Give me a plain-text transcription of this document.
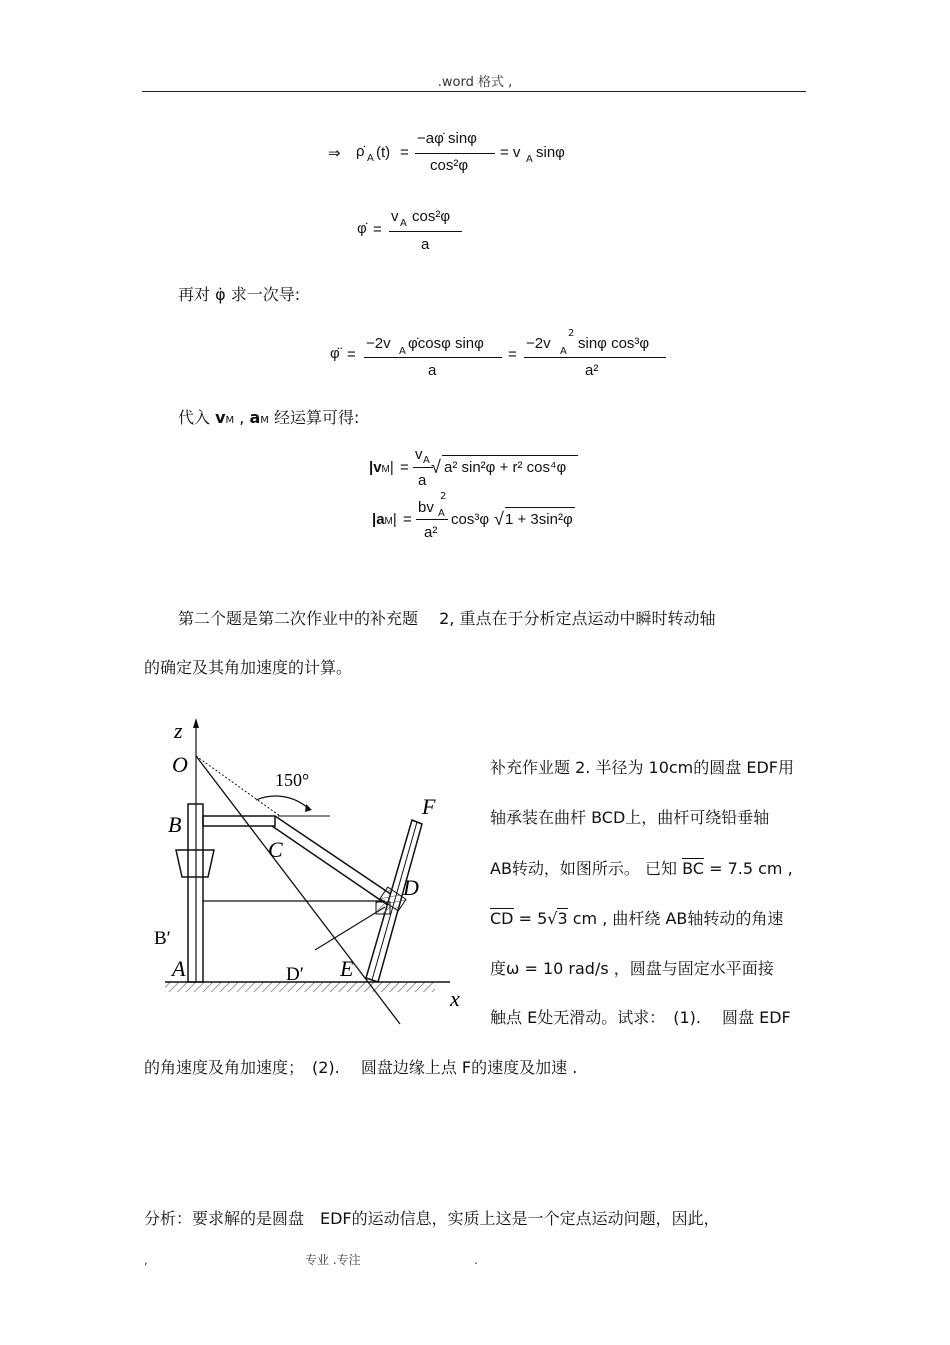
.word 格式 ,
⇒ ρ̇ A (t) =
−aφ̇ sinφ
cos²φ
= v A sinφ
φ̇ =
v A cos²φ
a
再对 φ̇ 求一次导:
φ̈ =
−2v A φ̇cosφ sinφ
a
=
−2v A
2
sinφ cos³φ
a²
代入 vM , aM 经运算可得:
|vM| =
v A
a
√ a² sin²φ + r² cos⁴φ
|aM| =
bv A
2
a²
cos³φ √ 1 + 3sin²φ
第二个题是第二次作业中的补充题　 2, 重点在于分析定点运动中瞬时转动轴
的确定及其角加速度的计算。
z
O
150°
B
C
F
D
B′
A	D′ E
x
补充作业题 2. 半径为 10cm的圆盘 EDF用
轴承装在曲杆 BCD上，曲杆可绕铅垂轴
AB转动，如图所示。 已知 BC = 7.5 cm ,
CD = 5√3 cm , 曲杆绕 AB轴转动的角速
度ω = 10 rad/s ，圆盘与固定水平面接
触点 E处无滑动。试求：　(1).　 圆盘 EDF
的角速度及角加速度；　(2).　 圆盘边缘上点 F的速度及加速 .
分析：要求解的是圆盘　EDF的运动信息，实质上这是一个定点运动问题，因此，
,	专业 .专注	.
